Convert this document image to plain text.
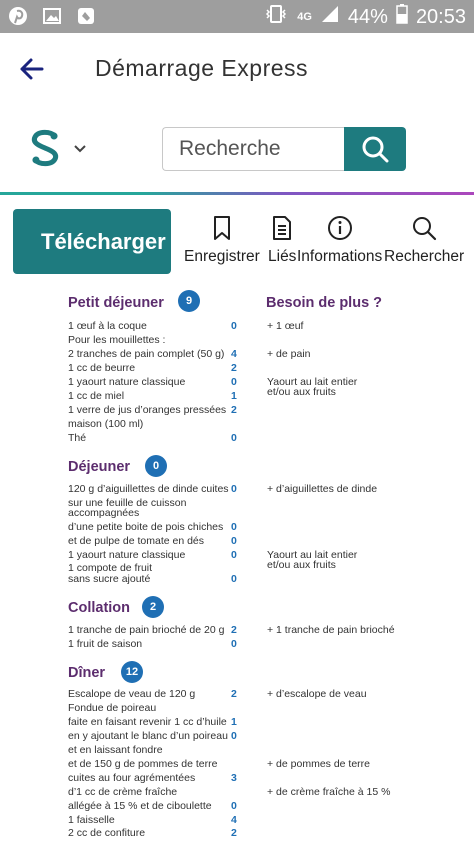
4G 44% 20:53
Démarrage Express
Recherche
Télécharger
Enregistrer Liés Informations Rechercher
Besoin de plus ?
Petit déjeuner	9
1 œuf à la coque	0	+ 1 œuf
Pour les mouillettes :
2 tranches de pain complet (50 g) 4	+ de pain
1 cc de beurre	2
1 yaourt nature classique	0	Yaourt au lait entier
1 cc de miel	1	et/ou aux fruits
1 verre de jus d’oranges pressées 2
maison (100 ml)
Thé	0
Déjeuner	0
120 g d’aiguillettes de dinde cuites 0	+ d’aiguillettes de dinde
sur une feuille de cuisson
accompagnées
d’une petite boite de pois chiches 0
et de pulpe de tomate en dés	0
1 yaourt nature classique	0	Yaourt au lait entier
1 compote de fruit	et/ou aux fruits
sans sucre ajouté	0
Collation	2
1 tranche de pain brioché de 20 g 2	+ 1 tranche de pain brioché
1 fruit de saison	0
Dîner	12
Escalope de veau de 120 g	2	+ d’escalope de veau
Fondue de poireau
faite en faisant revenir 1 cc d’huile 1
en y ajoutant le blanc d’un poireau 0
et en laissant fondre
et de 150 g de pommes de terre	+ de pommes de terre
cuites au four agrémentées	3
d’1 cc de crème fraîche	+ de crème fraîche à 15 %
allégée à 15 % et de ciboulette 0
1 faisselle	4
2 cc de confiture	2
